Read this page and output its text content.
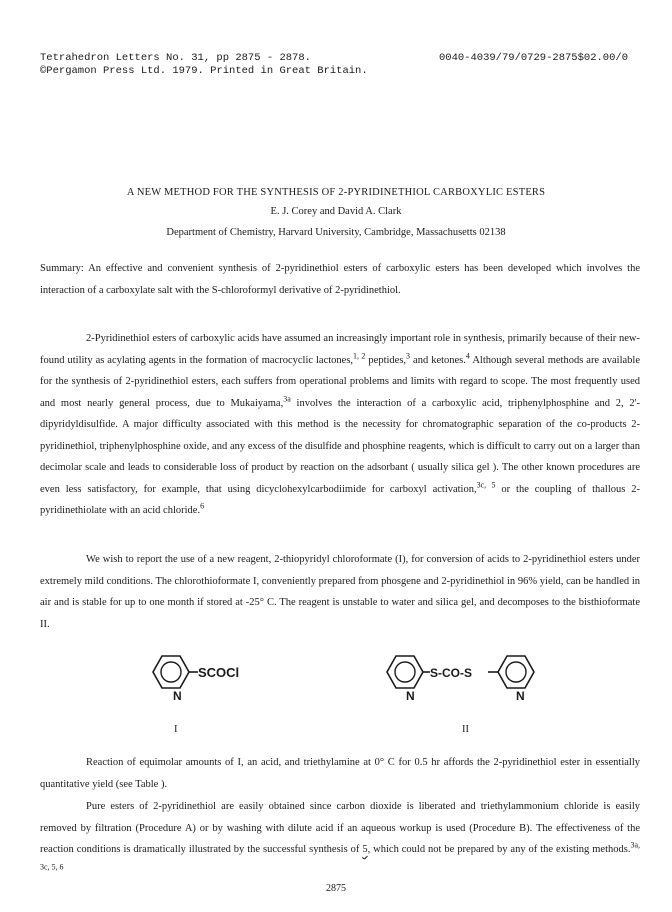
Tetrahedron Letters No. 31, pp 2875 - 2878.
©Pergamon Press Ltd. 1979. Printed in Great Britain.
0040-4039/79/0729-2875$02.00/0
A NEW METHOD FOR THE SYNTHESIS OF 2-PYRIDINETHIOL CARBOXYLIC ESTERS
E. J. Corey and David A. Clark
Department of Chemistry, Harvard University, Cambridge, Massachusetts 02138

Summary: An effective and convenient synthesis of 2-pyridinethiol esters of carboxylic esters has been developed which involves the interaction of a carboxylate salt with the S-chloroformyl derivative of 2-pyridinethiol.

2-Pyridinethiol esters of carboxylic acids have assumed an increasingly important role in synthesis, primarily because of their new-found utility as acylating agents in the formation of macrocyclic lactones,$^{1, 2}$ peptides,$^3$ and ketones.$^4$ Although several methods are available for the synthesis of 2-pyridinethiol esters, each suffers from operational problems and limits with regard to scope. The most frequently used and most nearly general process, due to Mukaiyama,$^{3a}$ involves the interaction of a carboxylic acid, triphenylphosphine and 2, 2'-dipyridyldisulfide. A major difficulty associated with this method is the necessity for chromatographic separation of the co-products 2-pyridinethiol, triphenylphosphine oxide, and any excess of the disulfide and phosphine reagents, which is difficult to carry out on a larger than decimolar scale and leads to considerable loss of product by reaction on the adsorbant ( usually silica gel ). The other known procedures are even less satisfactory, for example, that using dicyclohexylcarbodiimide for carboxyl activation,$^{3c, 5}$ or the coupling of thallous 2-pyridinethiolate with an acid chloride.$^6$

We wish to report the use of a new reagent, 2-thiopyridyl chloroformate (I), for conversion of acids to 2-pyridinethiol esters under extremely mild conditions. The chlorothioformate I, conveniently prepared from phosgene and 2-pyridinethiol in 96% yield, can be handled in air and is stable for up to one month if stored at -25° C. The reagent is unstable to water and silica gel, and decomposes to the bisthioformate II.

SCOCl
N
I
S-CO-S
N	N
II

Reaction of equimolar amounts of I, an acid, and triethylamine at 0° C for 0.5 hr affords the 2-pyridinethiol ester in essentially quantitative yield (see Table ).

Pure esters of 2-pyridinethiol are easily obtained since carbon dioxide is liberated and triethylammonium chloride is easily removed by filtration (Procedure A) or by washing with dilute acid if an aqueous workup is used (Procedure B). The effectiveness of the reaction conditions is dramatically illustrated by the successful synthesis of 5, which could not be prepared by any of the existing methods.$^{3a, 3c, 5, 6}$

2875
